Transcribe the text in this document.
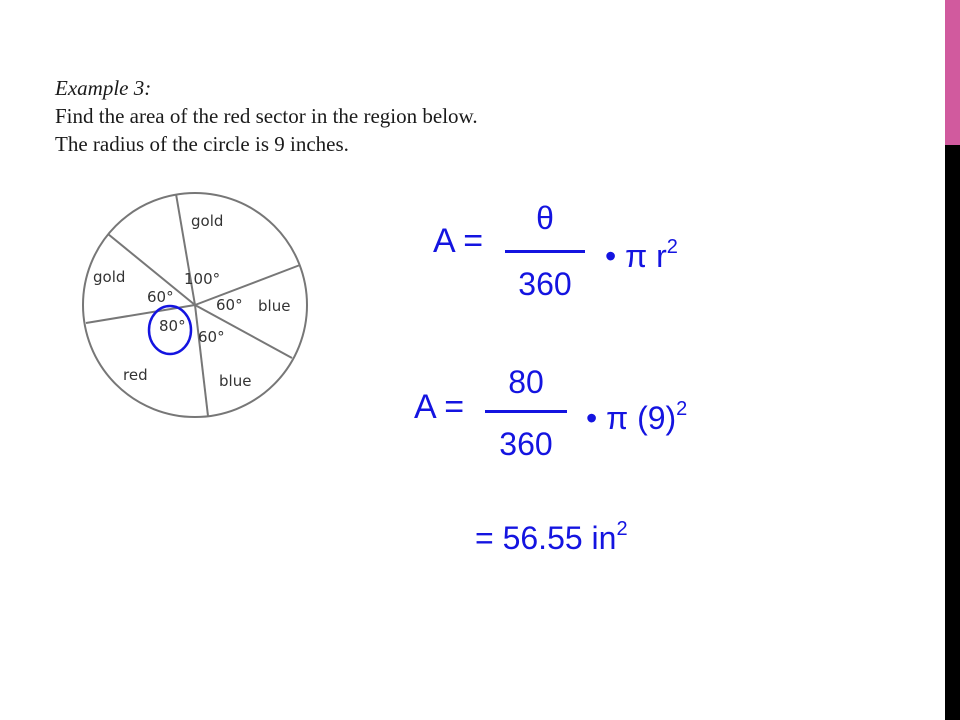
Example 3:
Find the area of the red sector in the region below.
The radius of the circle is 9 inches.
gold
gold
blue
blue
red
100°
60°	60°
80°
60°
A =
θ
360
• π $r^2$
A =
80
360
• π $(9)^2$
= 56.55 $in^2$
